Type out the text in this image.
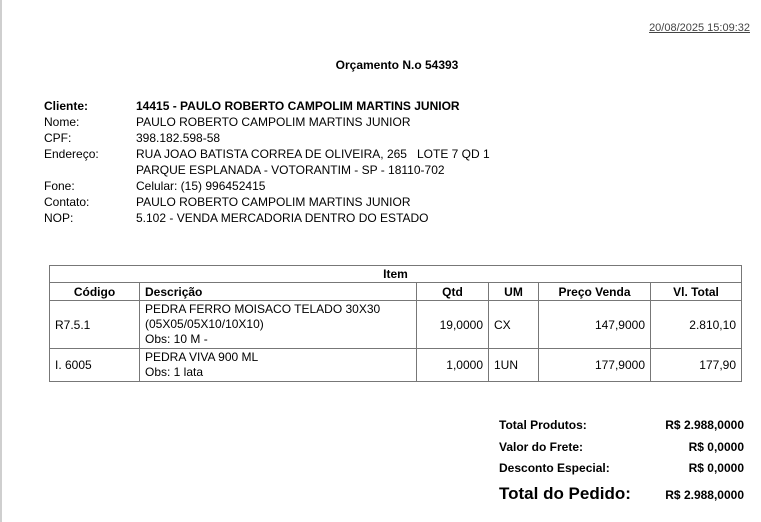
20/08/2025 15:09:32
Orçamento N.o 54393
Cliente:	14415 - PAULO ROBERTO CAMPOLIM MARTINS JUNIOR
Nome:	PAULO ROBERTO CAMPOLIM MARTINS JUNIOR
CPF:	398.182.598-58
Endereço:	RUA JOAO BATISTA CORREA DE OLIVEIRA, 265   LOTE 7 QD 1
PARQUE ESPLANADA - VOTORANTIM - SP - 18110-702
Fone:	Celular: (15) 996452415
Contato:	PAULO ROBERTO CAMPOLIM MARTINS JUNIOR
NOP:	5.102 - VENDA MERCADORIA DENTRO DO ESTADO
Item					
Código	Descrição	Qtd	UM	Preço Venda	Vl. Total
R7.5.1	PEDRA FERRO MOISACO TELADO 30X30
(05X05/05X10/10X10)
Obs: 10 M -	19,0000	CX	147,9000	2.810,10
I. 6005	PEDRA VIVA 900 ML
Obs: 1 lata	1,0000	1UN	177,9000	177,90
Total Produtos:	R$ 2.988,0000
Valor do Frete:	R$ 0,0000
Desconto Especial:	R$ 0,0000
Total do Pedido:	R$ 2.988,0000
